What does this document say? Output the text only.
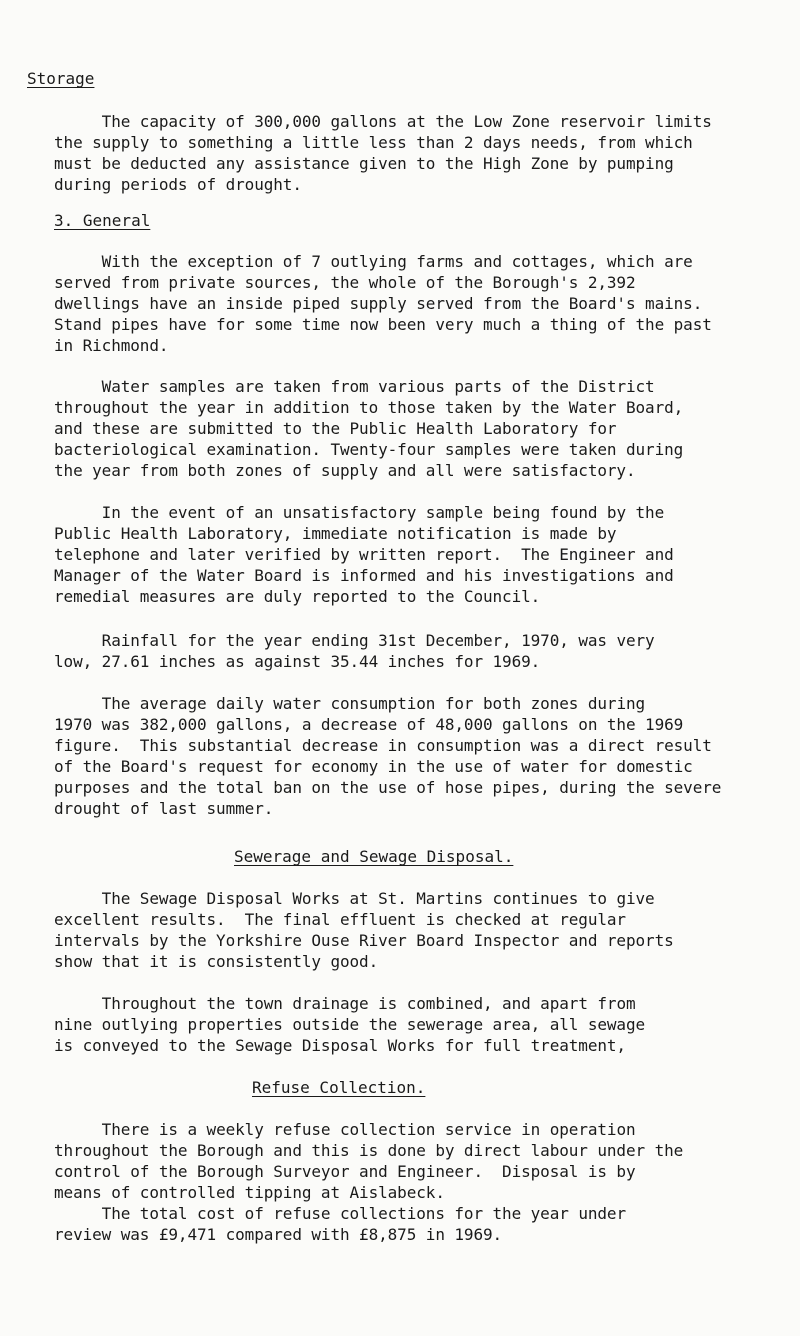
Storage
The capacity of 300,000 gallons at the Low Zone reservoir limits
the supply to something a little less than 2 days needs, from which
must be deducted any assistance given to the High Zone by pumping
during periods of drought.
3. General
With the exception of 7 outlying farms and cottages, which are
served from private sources, the whole of the Borough's 2,392
dwellings have an inside piped supply served from the Board's mains.
Stand pipes have for some time now been very much a thing of the past
in Richmond.
Water samples are taken from various parts of the District
throughout the year in addition to those taken by the Water Board,
and these are submitted to the Public Health Laboratory for
bacteriological examination. Twenty-four samples were taken during
the year from both zones of supply and all were satisfactory.
In the event of an unsatisfactory sample being found by the
Public Health Laboratory, immediate notification is made by
telephone and later verified by written report.  The Engineer and
Manager of the Water Board is informed and his investigations and
remedial measures are duly reported to the Council.
Rainfall for the year ending 31st December, 1970, was very
low, 27.61 inches as against 35.44 inches for 1969.
The average daily water consumption for both zones during
1970 was 382,000 gallons, a decrease of 48,000 gallons on the 1969
figure.  This substantial decrease in consumption was a direct result
of the Board's request for economy in the use of water for domestic
purposes and the total ban on the use of hose pipes, during the severe
drought of last summer.
Sewerage and Sewage Disposal.
The Sewage Disposal Works at St. Martins continues to give
excellent results.  The final effluent is checked at regular
intervals by the Yorkshire Ouse River Board Inspector and reports
show that it is consistently good.
Throughout the town drainage is combined, and apart from
nine outlying properties outside the sewerage area, all sewage
is conveyed to the Sewage Disposal Works for full treatment,
Refuse Collection.
There is a weekly refuse collection service in operation
throughout the Borough and this is done by direct labour under the
control of the Borough Surveyor and Engineer.  Disposal is by
means of controlled tipping at Aislabeck.
The total cost of refuse collections for the year under
review was £9,471 compared with £8,875 in 1969.
